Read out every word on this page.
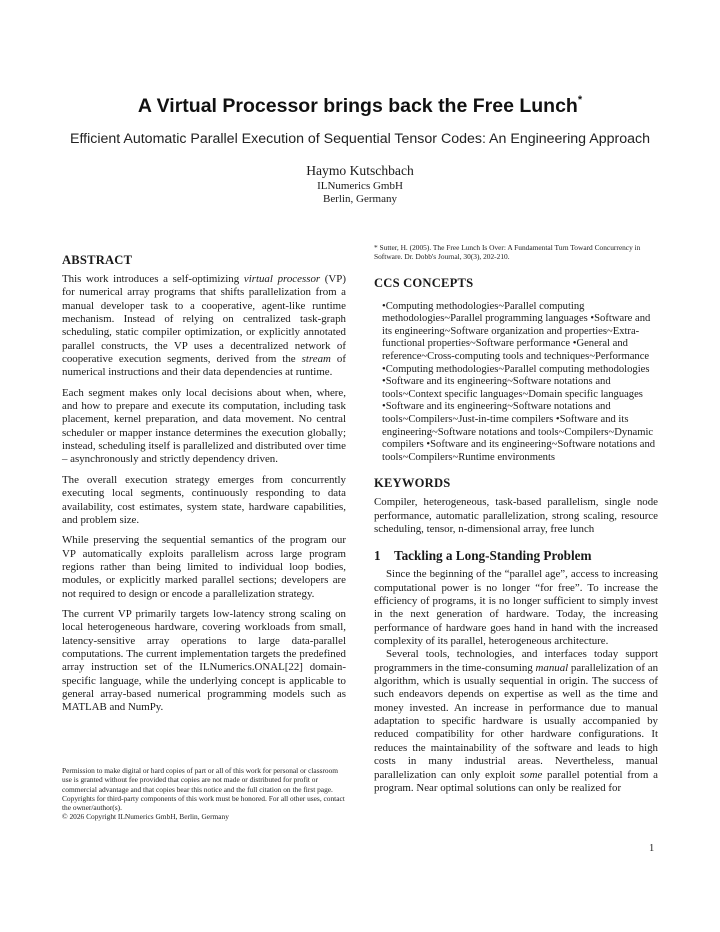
A Virtual Processor brings back the Free Lunch*
Efficient Automatic Parallel Execution of Sequential Tensor Codes: An Engineering Approach
Haymo Kutschbach
ILNumerics GmbH
Berlin, Germany
ABSTRACT

This work introduces a self-optimizing virtual processor (VP) for numerical array programs that shifts parallelization from a manual developer task to a cooperative, agent-like runtime mechanism. Instead of relying on centralized task-graph scheduling, static compiler optimization, or explicitly annotated parallel constructs, the VP uses a decentralized network of cooperative execution segments, derived from the stream of numerical instructions and their data dependencies at runtime.

Each segment makes only local decisions about when, where, and how to prepare and execute its computation, including task placement, kernel preparation, and data movement. No central scheduler or mapper instance determines the execution globally; instead, scheduling itself is parallelized and distributed over time – asynchronously and strictly dependency driven.

The overall execution strategy emerges from concurrently executing local segments, continuously responding to data availability, cost estimates, system state, hardware capabilities, and problem size.

While preserving the sequential semantics of the program our VP automatically exploits parallelism across large program regions rather than being limited to individual loop bodies, modules, or explicitly marked parallel sections; developers are not required to design or encode a parallelization strategy.

The current VP primarily targets low-latency strong scaling on local heterogeneous hardware, covering workloads from small, latency-sensitive array operations to large data-parallel computations. The current implementation targets the predefined array instruction set of the ILNumerics.ONAL[22] domain-specific language, while the underlying concept is applicable to general array-based numerical programming models such as MATLAB and NumPy.

Permission to make digital or hard copies of part or all of this work for personal or classroom use is granted without fee provided that copies are not made or distributed for profit or commercial advantage and that copies bear this notice and the full citation on the first page. Copyrights for third-party components of this work must be honored. For all other uses, contact the owner/author(s).

© 2026 Copyright ILNumerics GmbH, Berlin, Germany

* Sutter, H. (2005). The Free Lunch Is Over: A Fundamental Turn Toward Concurrency in Software. Dr. Dobb's Journal, 30(3), 202-210.

CCS CONCEPTS

•Computing methodologies~Parallel computing methodologies~Parallel programming languages •Software and its engineering~Software organization and properties~Extra-functional properties~Software performance •General and reference~Cross-computing tools and techniques~Performance •Computing methodologies~Parallel computing methodologies •Software and its engineering~Software notations and tools~Context specific languages~Domain specific languages •Software and its engineering~Software notations and tools~Compilers~Just-in-time compilers •Software and its engineering~Software notations and tools~Compilers~Dynamic compilers •Software and its engineering~Software notations and tools~Compilers~Runtime environments

KEYWORDS

Compiler, heterogeneous, task-based parallelism, single node performance, automatic parallelization, strong scaling, resource scheduling, tensor, n-dimensional array, free lunch

1 Tackling a Long-Standing Problem

Since the beginning of the “parallel age”, access to increasing computational power is no longer “for free”. To increase the efficiency of programs, it is no longer sufficient to simply invest in the next generation of hardware. Today, the increasing performance of hardware goes hand in hand with the increased complexity of its parallel, heterogeneous architecture.

Several tools, technologies, and interfaces today support programmers in the time-consuming manual parallelization of an algorithm, which is usually sequential in origin. The success of such endeavors depends on expertise as well as the time and money invested. An increase in performance due to manual adaptation to specific hardware is usually accompanied by reduced compatibility for other hardware configurations. It reduces the maintainability of the software and leads to high costs in many industrial areas. Nevertheless, manual parallelization can only exploit some parallel potential from a program. Near optimal solutions can only be realized for

1
